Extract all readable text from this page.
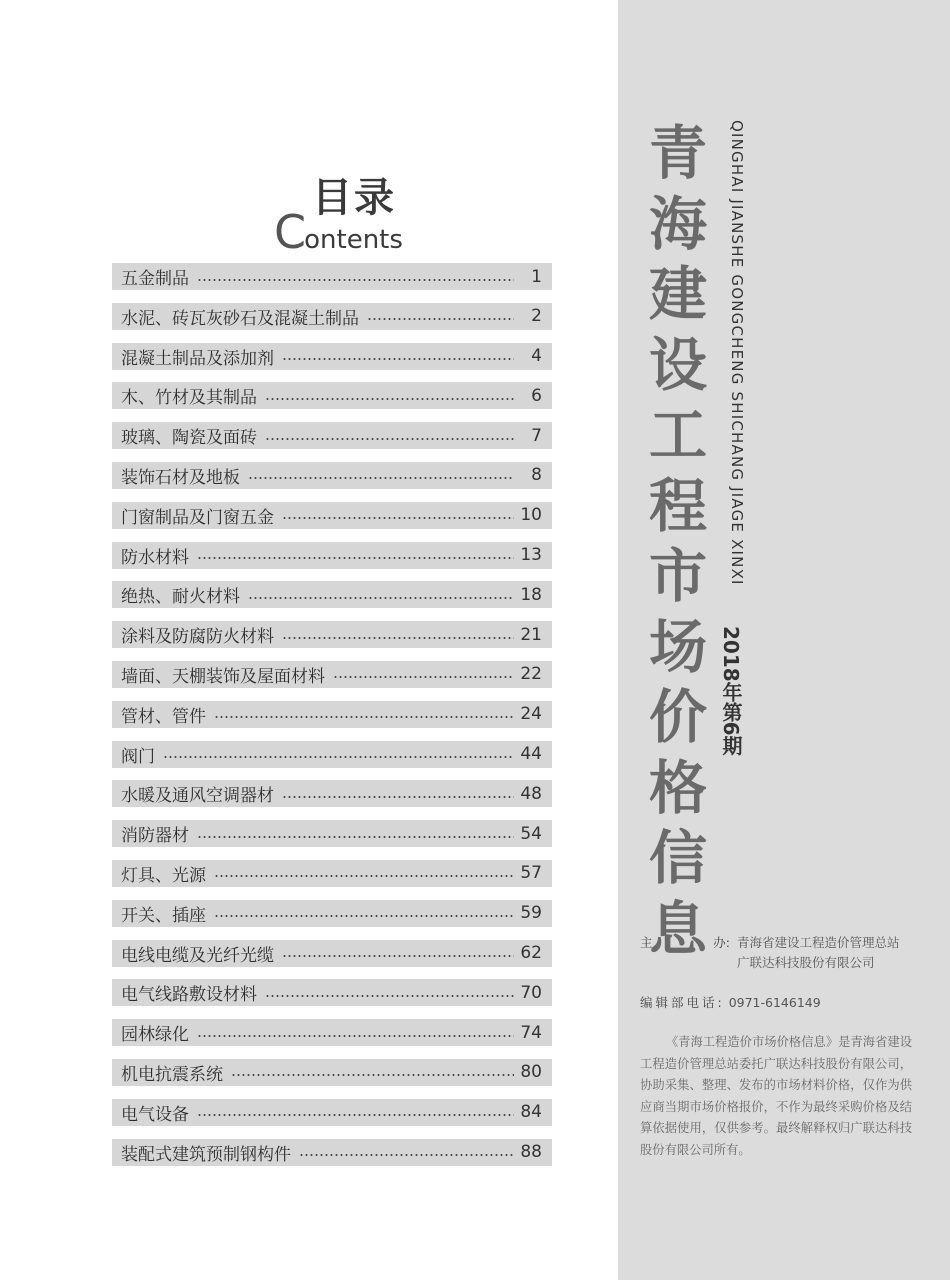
目录
Contents
五金制品	1
水泥、砖瓦灰砂石及混凝土制品	2
混凝土制品及添加剂	4
木、竹材及其制品	6
玻璃、陶瓷及面砖	7
装饰石材及地板	8
门窗制品及门窗五金	10
防水材料	13
绝热、耐火材料	18
涂料及防腐防火材料	21
墙面、天棚装饰及屋面材料	22
管材、管件	24
阀门	44
水暖及通风空调器材	48
消防器材	54
灯具、光源	57
开关、插座	59
电线电缆及光纤光缆	62
电气线路敷设材料	70
园林绿化	74
机电抗震系统	80
电气设备	84
装配式建筑预制钢构件	88
青
海
建
设
工
程
市
场
价
格
信
息
QINGHAI JIANSHE GONGCHENG SHICHANG JIAGE XINXI
2018年第6期
主	办: 青海省建设工程造价管理总站
广联达科技股份有限公司
编辑部电话: 0971-6146149
《青海工程造价市场价格信息》是青海省建设工程造价管理总站委托广联达科技股份有限公司，协助采集、整理、发布的市场材料价格，仅作为供应商当期市场价格报价，不作为最终采购价格及结算依据使用，仅供参考。最终解释权归广联达科技股份有限公司所有。
